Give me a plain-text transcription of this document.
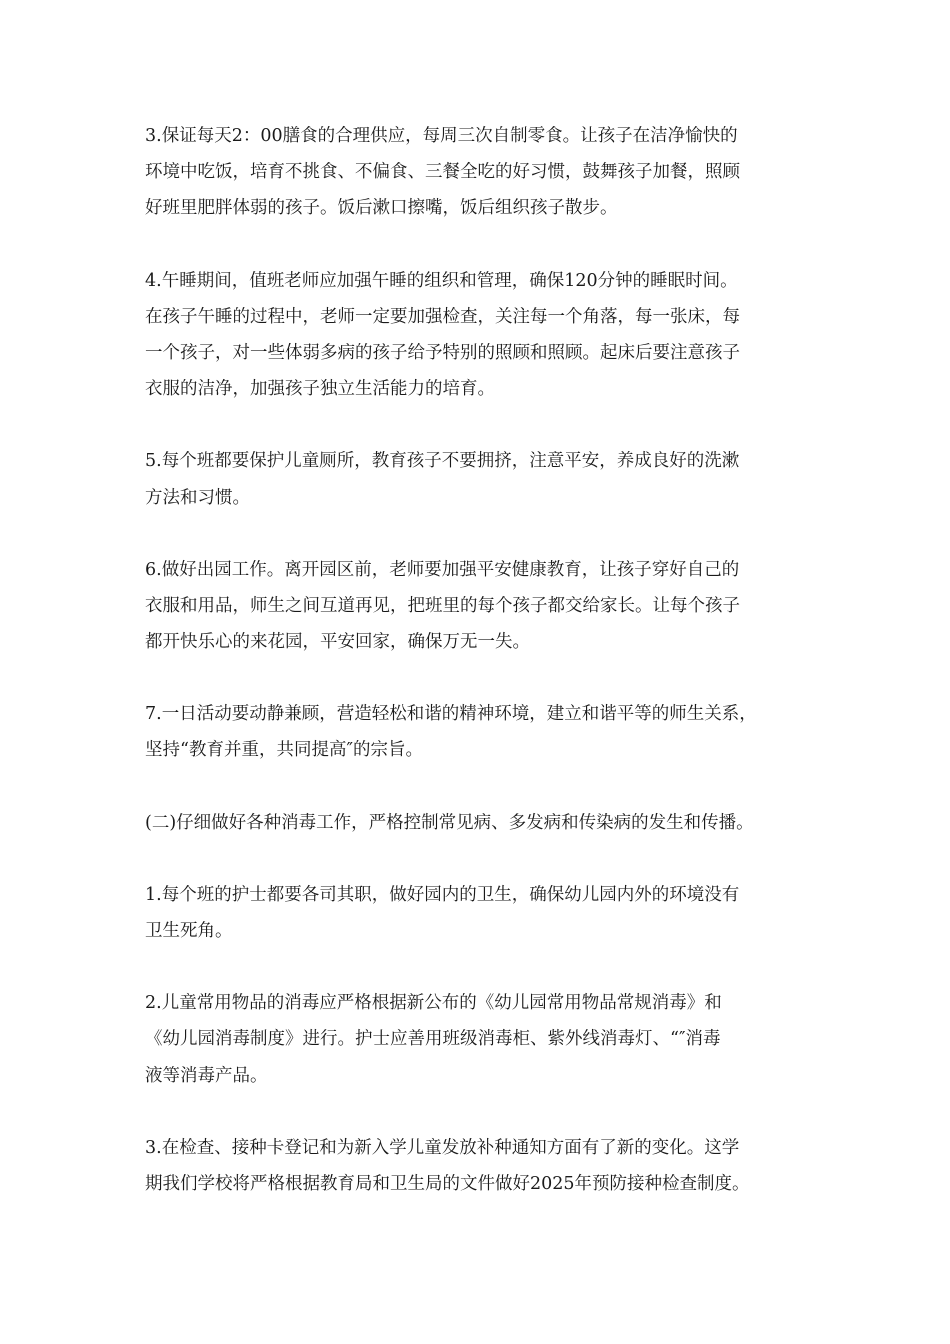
3.保证每天2：00膳食的合理供应，每周三次自制零食。让孩子在洁净愉快的
环境中吃饭，培育不挑食、不偏食、三餐全吃的好习惯，鼓舞孩子加餐，照顾
好班里肥胖体弱的孩子。饭后漱口擦嘴，饭后组织孩子散步。

4.午睡期间，值班老师应加强午睡的组织和管理，确保120分钟的睡眠时间。
在孩子午睡的过程中，老师一定要加强检查，关注每一个角落，每一张床，每
一个孩子，对一些体弱多病的孩子给予特别的照顾和照顾。起床后要注意孩子
衣服的洁净，加强孩子独立生活能力的培育。

5.每个班都要保护儿童厕所，教育孩子不要拥挤，注意平安，养成良好的洗漱
方法和习惯。

6.做好出园工作。离开园区前，老师要加强平安健康教育，让孩子穿好自己的
衣服和用品，师生之间互道再见，把班里的每个孩子都交给家长。让每个孩子
都开快乐心的来花园，平安回家，确保万无一失。

7.一日活动要动静兼顾，营造轻松和谐的精神环境，建立和谐平等的师生关系，
坚持“教育并重，共同提高″的宗旨。

(二)仔细做好各种消毒工作，严格控制常见病、多发病和传染病的发生和传播。

1.每个班的护士都要各司其职，做好园内的卫生，确保幼儿园内外的环境没有
卫生死角。

2.儿童常用物品的消毒应严格根据新公布的《幼儿园常用物品常规消毒》和
《幼儿园消毒制度》进行。护士应善用班级消毒柜、紫外线消毒灯、“″消毒
液等消毒产品。

3.在检查、接种卡登记和为新入学儿童发放补种通知方面有了新的变化。这学
期我们学校将严格根据教育局和卫生局的文件做好2025年预防接种检查制度。
